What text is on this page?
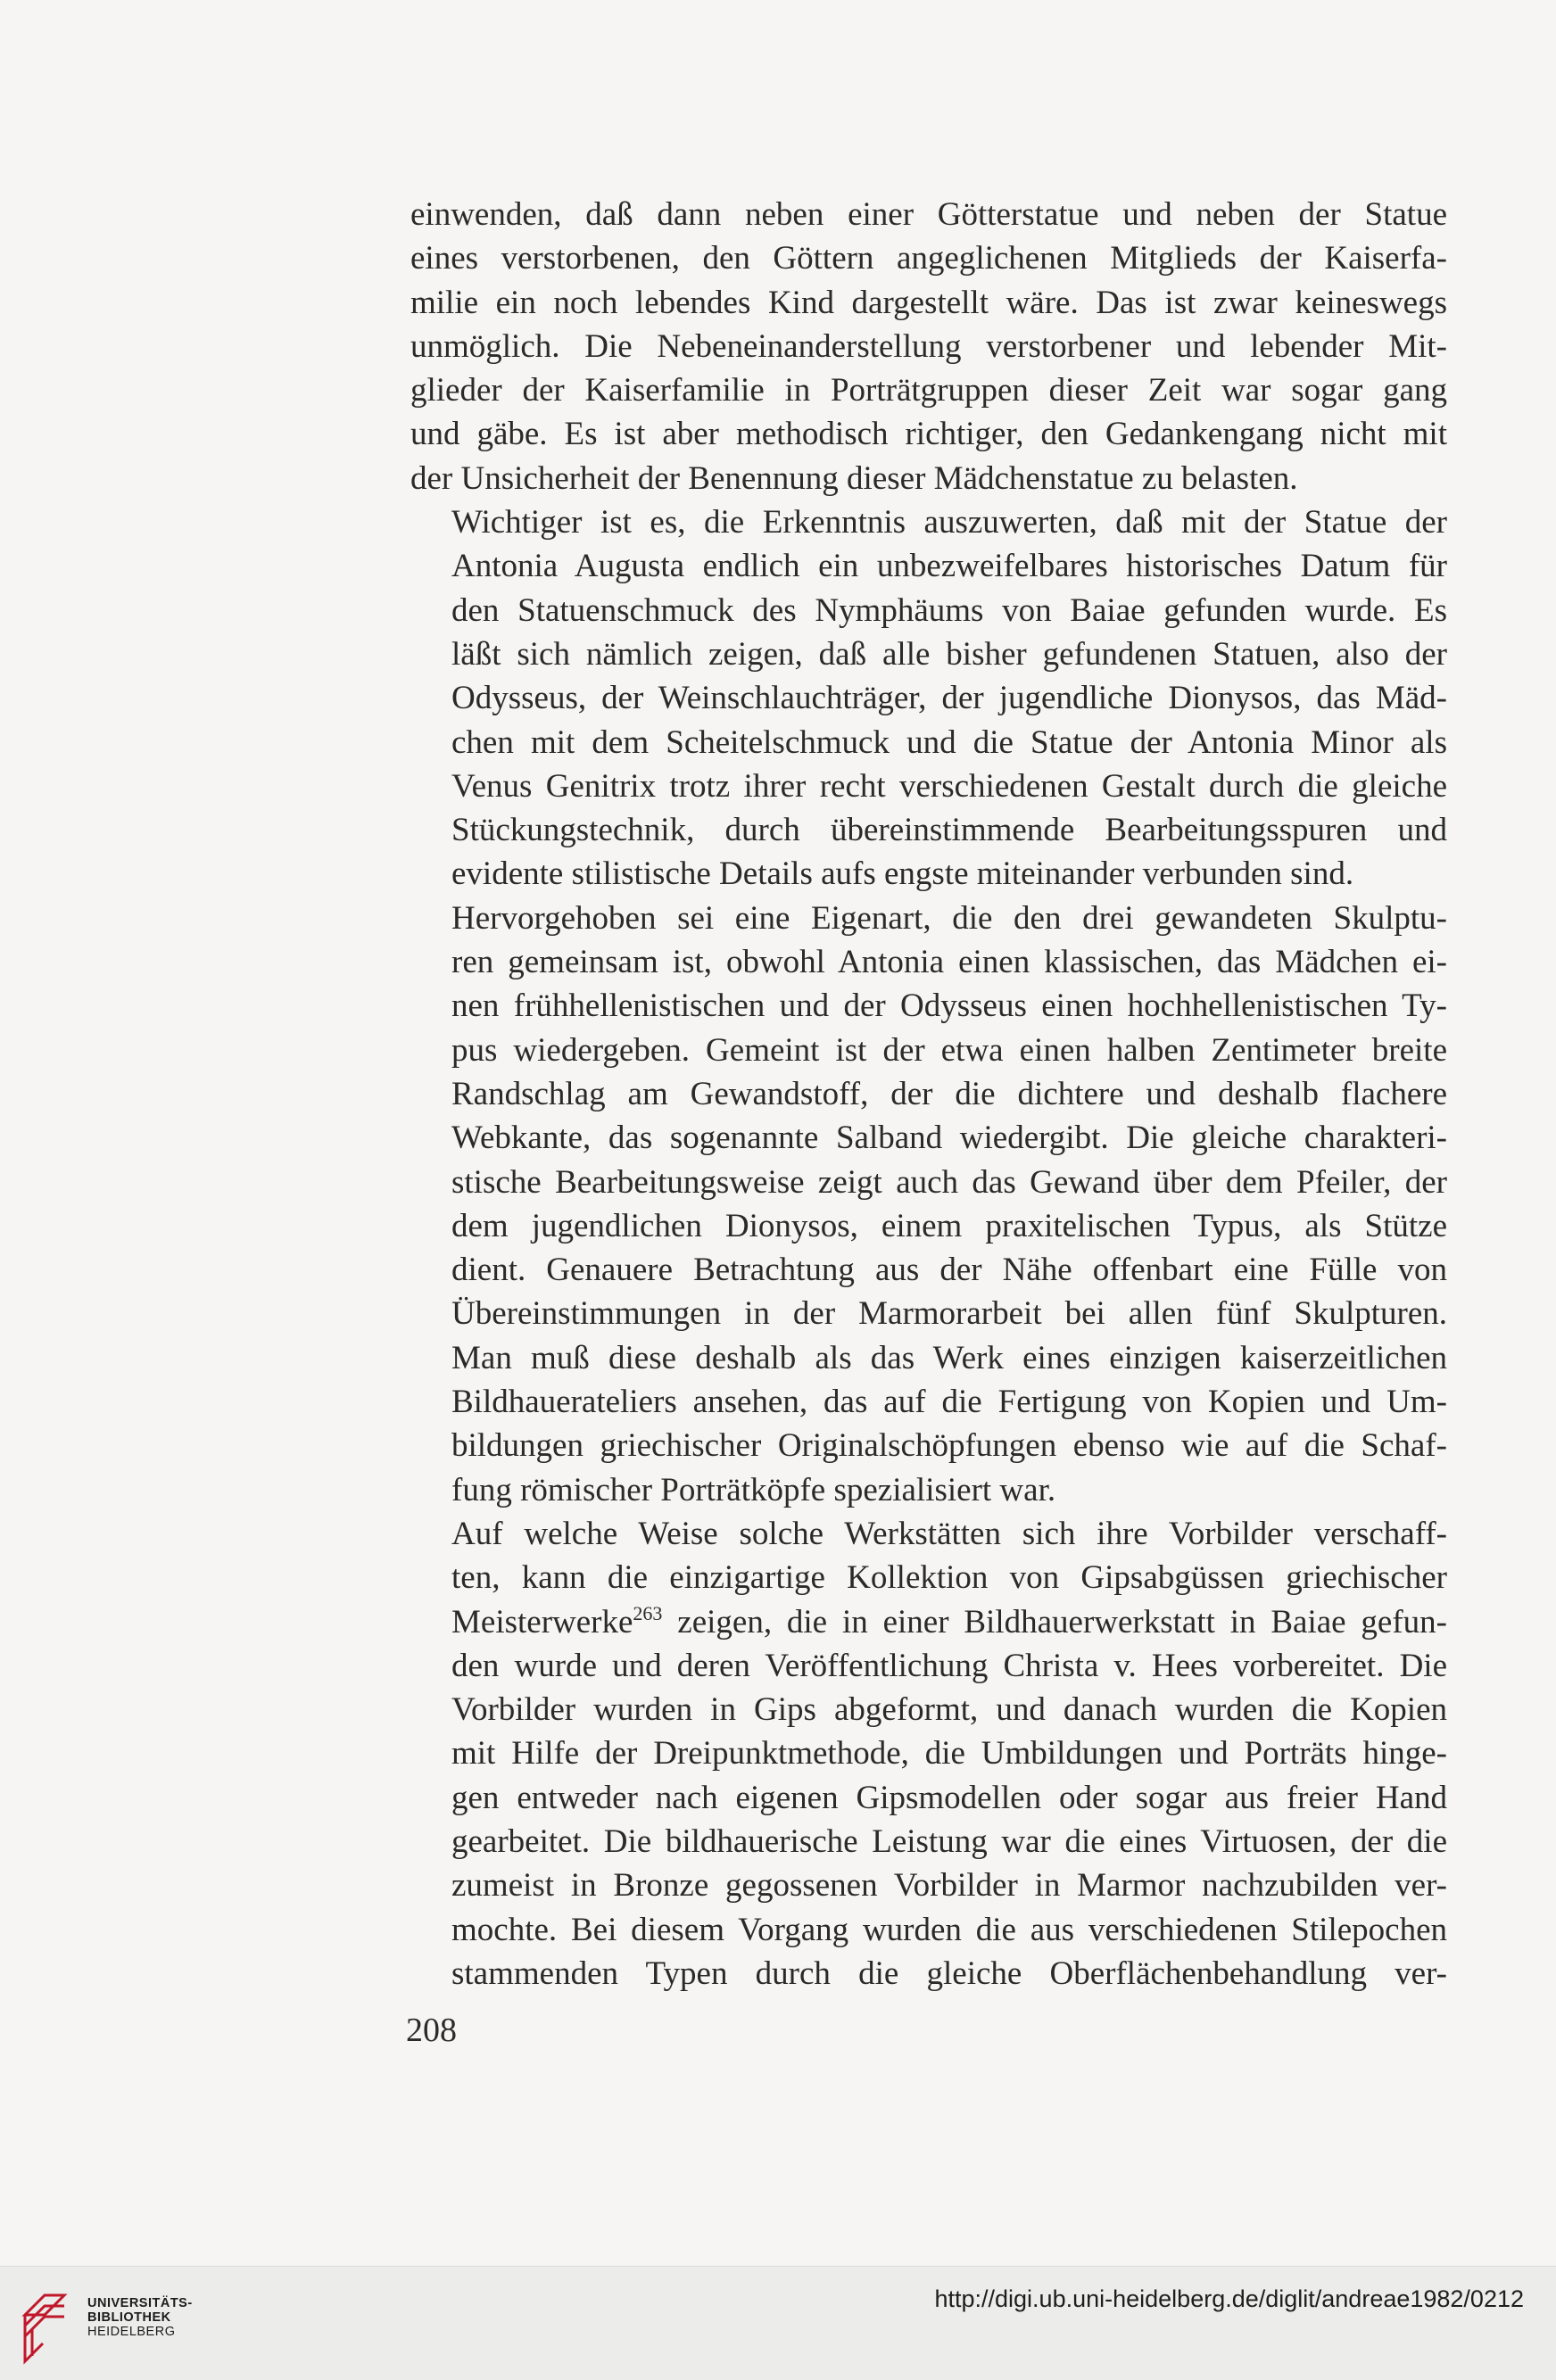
einwenden, daß dann neben einer Götterstatue und neben der Statue
eines verstorbenen, den Göttern angeglichenen Mitglieds der Kaiserfa-
milie ein noch lebendes Kind dargestellt wäre. Das ist zwar keineswegs
unmöglich. Die Nebeneinanderstellung verstorbener und lebender Mit-
glieder der Kaiserfamilie in Porträtgruppen dieser Zeit war sogar gang
und gäbe. Es ist aber methodisch richtiger, den Gedankengang nicht mit
der Unsicherheit der Benennung dieser Mädchenstatue zu belasten.

Wichtiger ist es, die Erkenntnis auszuwerten, daß mit der Statue der
Antonia Augusta endlich ein unbezweifelbares historisches Datum für
den Statuenschmuck des Nymphäums von Baiae gefunden wurde. Es
läßt sich nämlich zeigen, daß alle bisher gefundenen Statuen, also der
Odysseus, der Weinschlauchträger, der jugendliche Dionysos, das Mäd-
chen mit dem Scheitelschmuck und die Statue der Antonia Minor als
Venus Genitrix trotz ihrer recht verschiedenen Gestalt durch die gleiche
Stückungstechnik, durch übereinstimmende Bearbeitungsspuren und
evidente stilistische Details aufs engste miteinander verbunden sind.

Hervorgehoben sei eine Eigenart, die den drei gewandeten Skulptu-
ren gemeinsam ist, obwohl Antonia einen klassischen, das Mädchen ei-
nen frühhellenistischen und der Odysseus einen hochhellenistischen Ty-
pus wiedergeben. Gemeint ist der etwa einen halben Zentimeter breite
Randschlag am Gewandstoff, der die dichtere und deshalb flachere
Webkante, das sogenannte Salband wiedergibt. Die gleiche charakteri-
stische Bearbeitungsweise zeigt auch das Gewand über dem Pfeiler, der
dem jugendlichen Dionysos, einem praxitelischen Typus, als Stütze
dient. Genauere Betrachtung aus der Nähe offenbart eine Fülle von
Übereinstimmungen in der Marmorarbeit bei allen fünf Skulpturen.
Man muß diese deshalb als das Werk eines einzigen kaiserzeitlichen
Bildhauerateliers ansehen, das auf die Fertigung von Kopien und Um-
bildungen griechischer Originalschöpfungen ebenso wie auf die Schaf-
fung römischer Porträtköpfe spezialisiert war.

Auf welche Weise solche Werkstätten sich ihre Vorbilder verschaff-
ten, kann die einzigartige Kollektion von Gipsabgüssen griechischer
Meisterwerke$^{263}$ zeigen, die in einer Bildhauerwerkstatt in Baiae gefun-
den wurde und deren Veröffentlichung Christa v. Hees vorbereitet. Die
Vorbilder wurden in Gips abgeformt, und danach wurden die Kopien
mit Hilfe der Dreipunktmethode, die Umbildungen und Porträts hinge-
gen entweder nach eigenen Gipsmodellen oder sogar aus freier Hand
gearbeitet. Die bildhauerische Leistung war die eines Virtuosen, der die
zumeist in Bronze gegossenen Vorbilder in Marmor nachzubilden ver-
mochte. Bei diesem Vorgang wurden die aus verschiedenen Stilepochen
stammenden Typen durch die gleiche Oberflächenbehandlung ver-

208
UNIVERSITÄTS-
BIBLIOTHEK
HEIDELBERG
http://digi.ub.uni-heidelberg.de/diglit/andreae1982/0212
